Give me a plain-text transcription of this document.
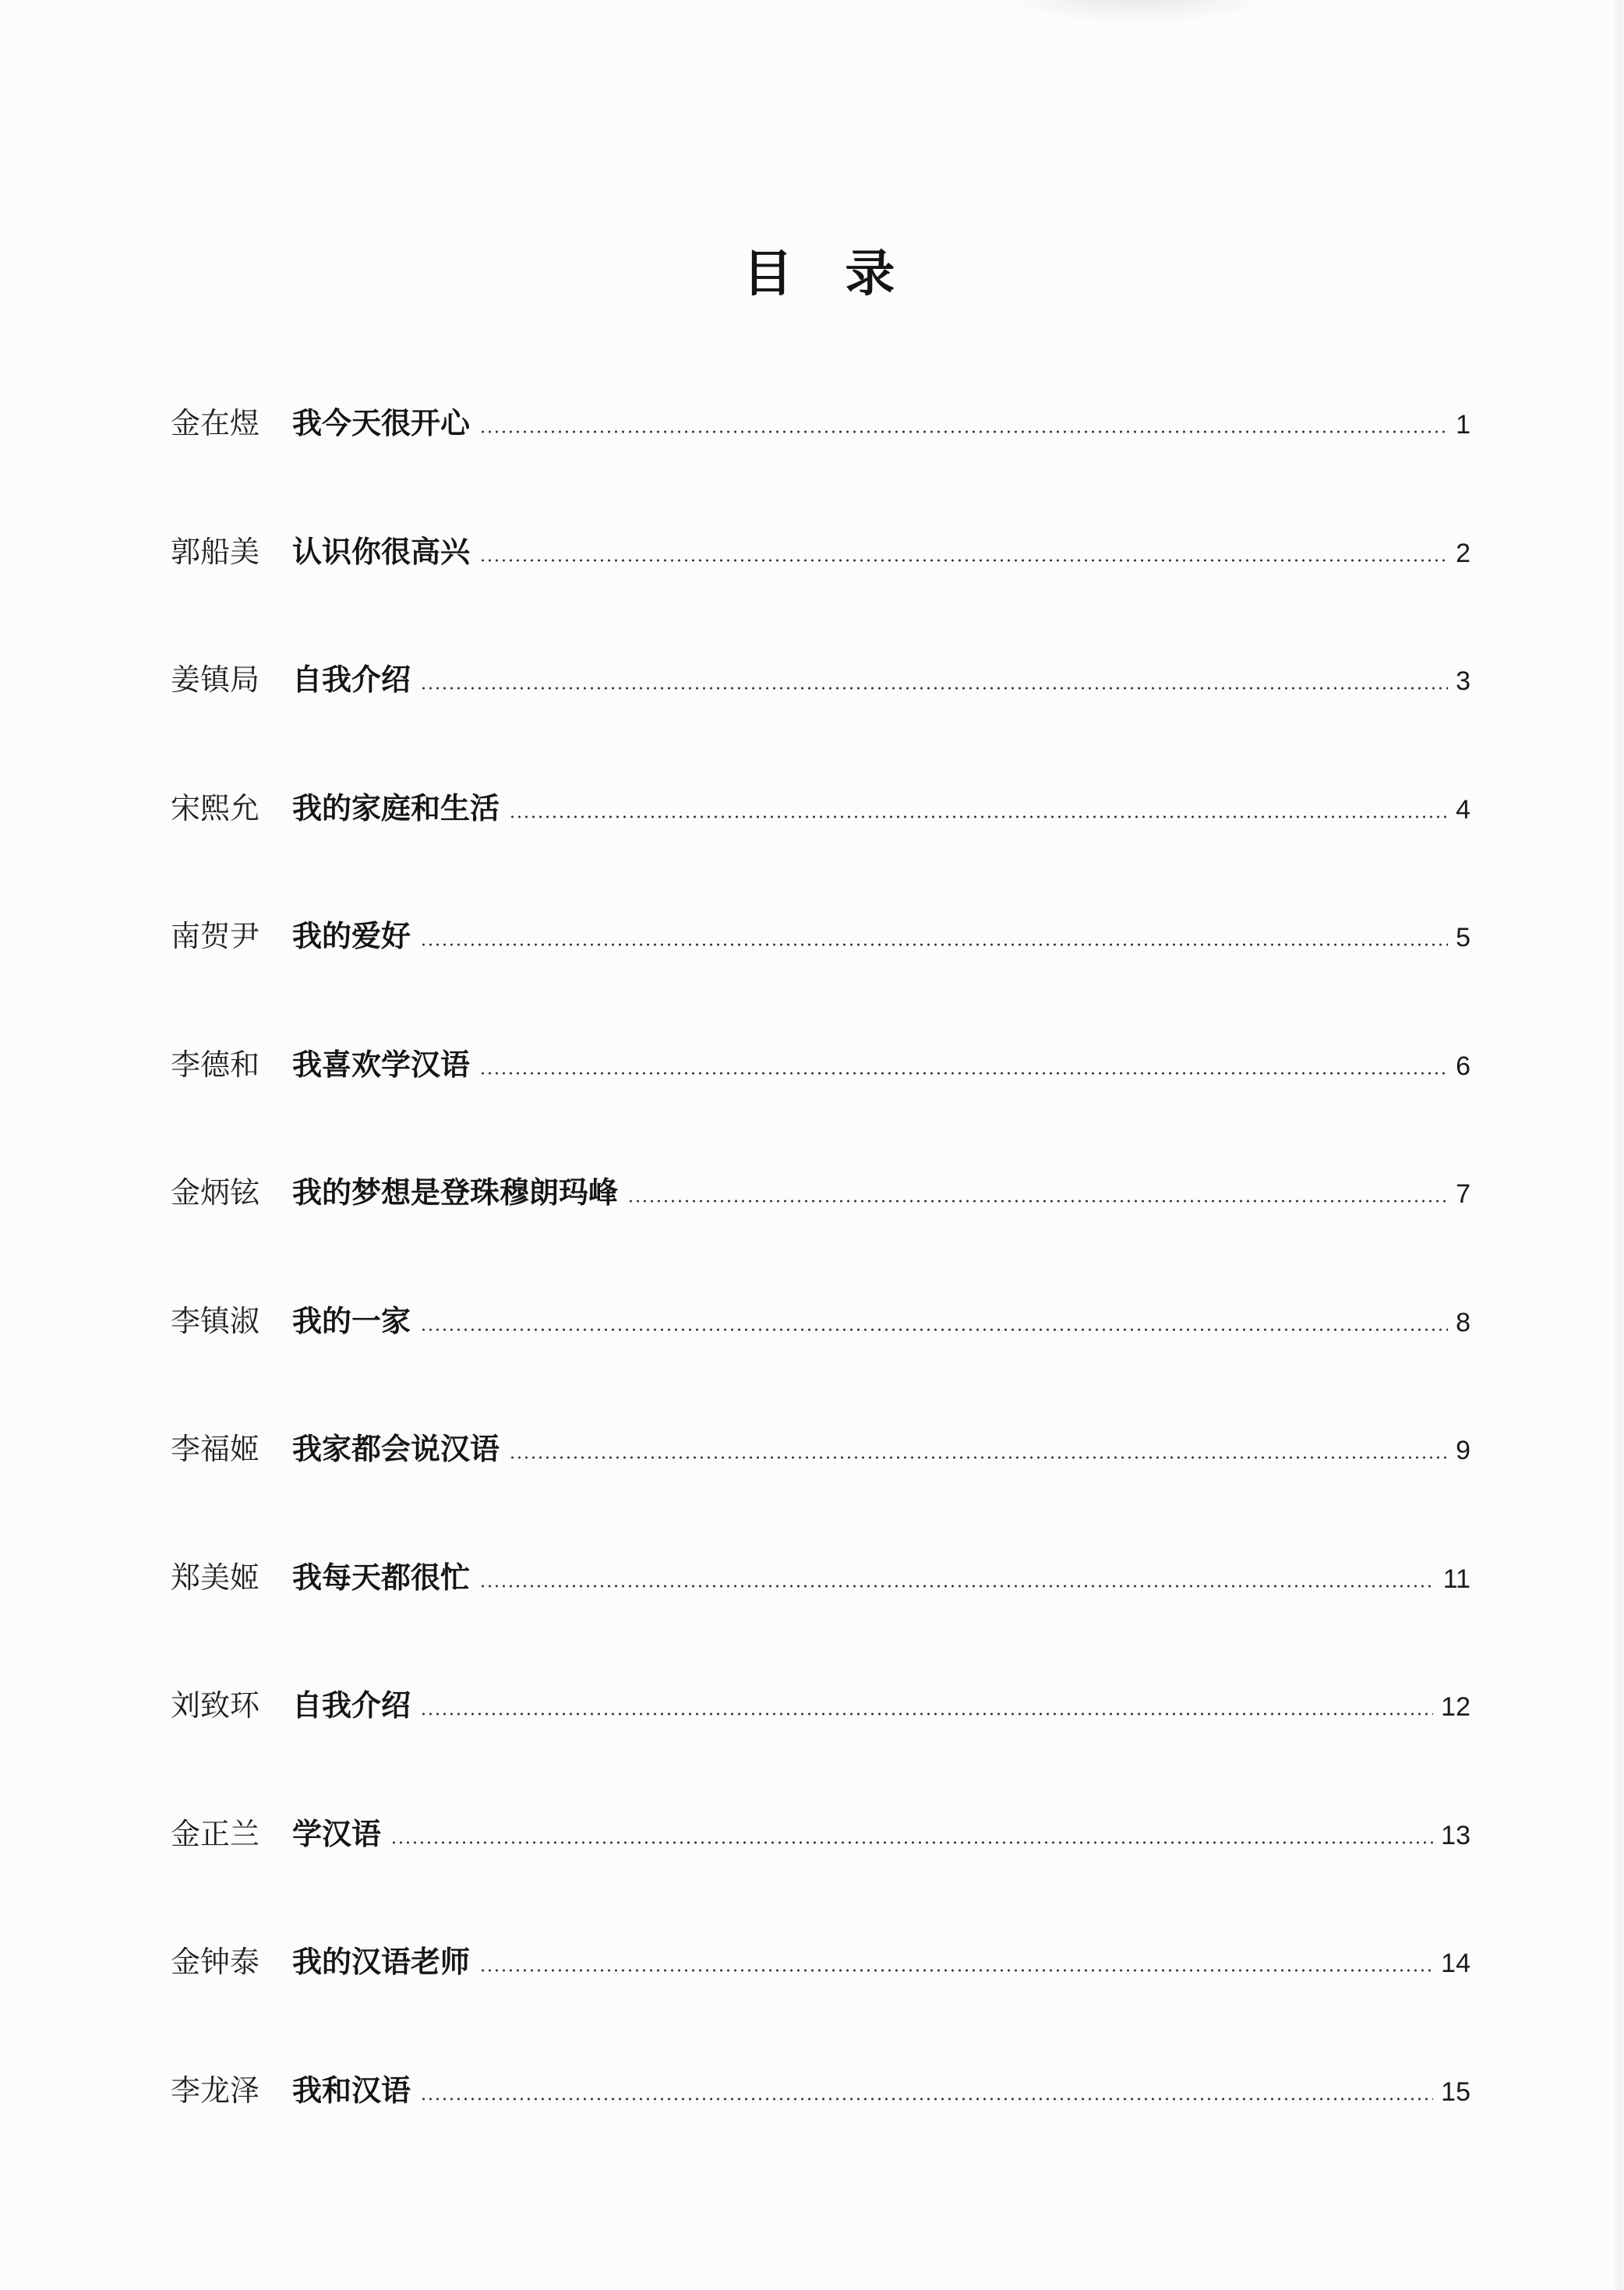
目 录
金在煜	我今天很开心	1
郭船美	认识你很高兴	2
姜镇局	自我介绍	3
宋熙允	我的家庭和生活	4
南贺尹	我的爱好	5
李德和	我喜欢学汉语	6
金炳铉	我的梦想是登珠穆朗玛峰	7
李镇淑	我的一家	8
李福姬	我家都会说汉语	9
郑美姬	我每天都很忙	11
刘致环	自我介绍	12
金正兰	学汉语	13
金钟泰	我的汉语老师	14
李龙泽	我和汉语	15
